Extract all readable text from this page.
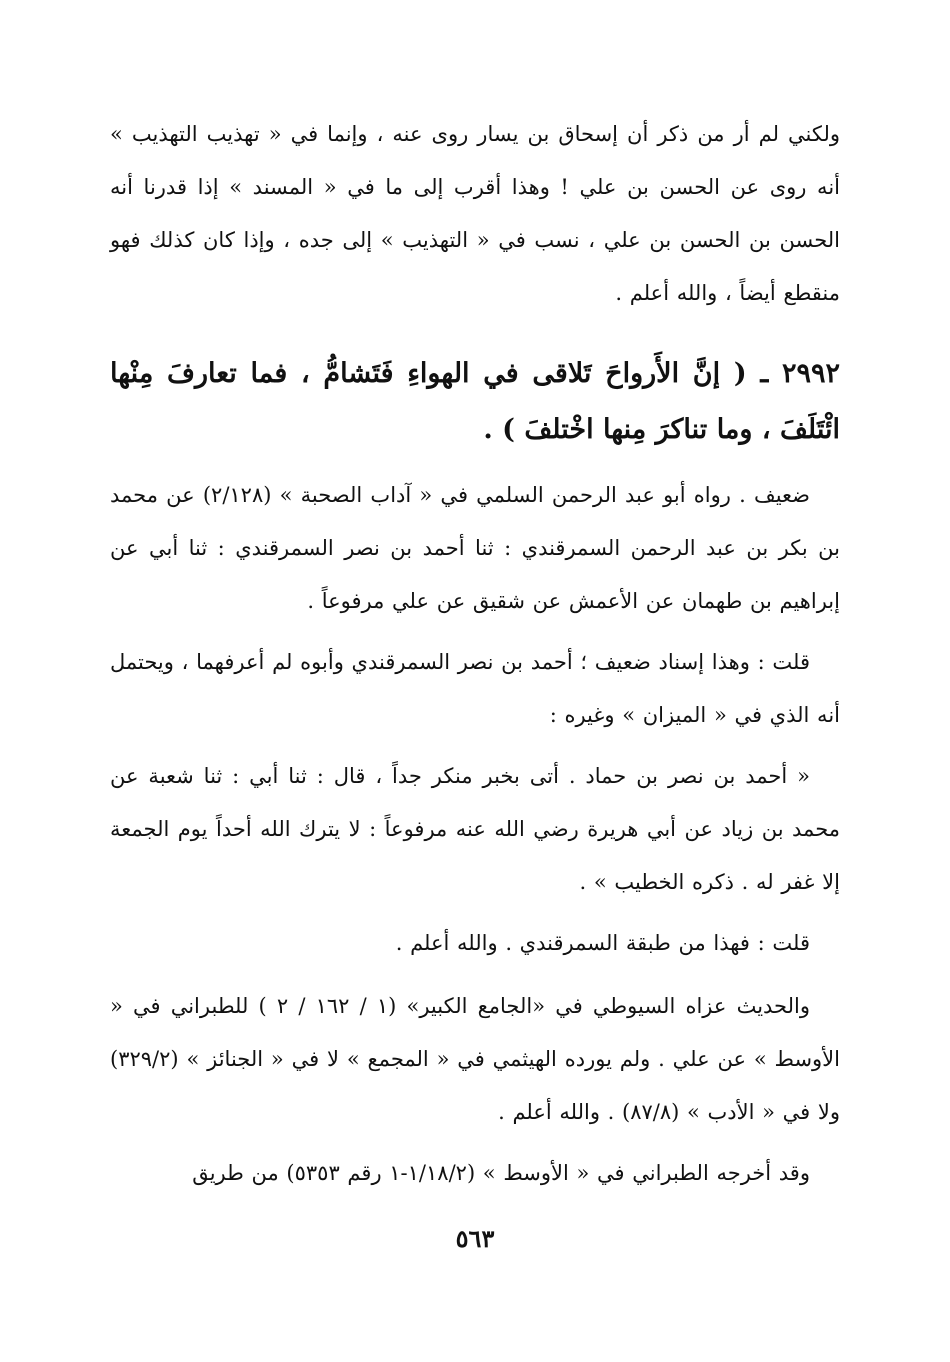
ولكني لم أر من ذكر أن إسحاق بن يسار روى عنه ، وإنما في « تهذيب التهذيب » أنه روى عن الحسن بن علي ! وهذا أقرب إلى ما في « المسند » إذا قدرنا أنه الحسن بن الحسن بن علي ، نسب في « التهذيب » إلى جده ، وإذا كان كذلك فهو منقطع أيضاً ، والله أعلم .

٢٩٩٢ ـ ( إنَّ الأَرواحَ تَلاقى في الهواءِ فَتَشامُّ ، فما تعارفَ مِنْها ائْتَلَفَ ، وما تناكرَ مِنها اخْتلفَ ) .

ضعيف . رواه أبو عبد الرحمن السلمي في « آداب الصحبة » (٢/١٢٨) عن محمد بن بكر بن عبد الرحمن السمرقندي : ثنا أحمد بن نصر السمرقندي : ثنا أبي عن إبراهيم بن طهمان عن الأعمش عن شقيق عن علي مرفوعاً .

قلت : وهذا إسناد ضعيف ؛ أحمد بن نصر السمرقندي وأبوه لم أعرفهما ، ويحتمل أنه الذي في « الميزان » وغيره :

« أحمد بن نصر بن حماد . أتى بخبر منكر جداً ، قال : ثنا أبي : ثنا شعبة عن محمد بن زياد عن أبي هريرة رضي الله عنه مرفوعاً : لا يترك الله أحداً يوم الجمعة إلا غفر له . ذكره الخطيب » .

قلت : فهذا من طبقة السمرقندي . والله أعلم .

والحديث عزاه السيوطي في «الجامع الكبير» (١ / ١٦٢ / ٢ ) للطبراني في « الأوسط » عن علي . ولم يورده الهيثمي في « المجمع » لا في « الجنائز » (٣٢٩/٢) ولا في « الأدب » (٨٧/٨) . والله أعلم .

وقد أخرجه الطبراني في « الأوسط » (١/١٨/٢-١ رقم ٥٣٥٣) من طريق

٥٦٣
